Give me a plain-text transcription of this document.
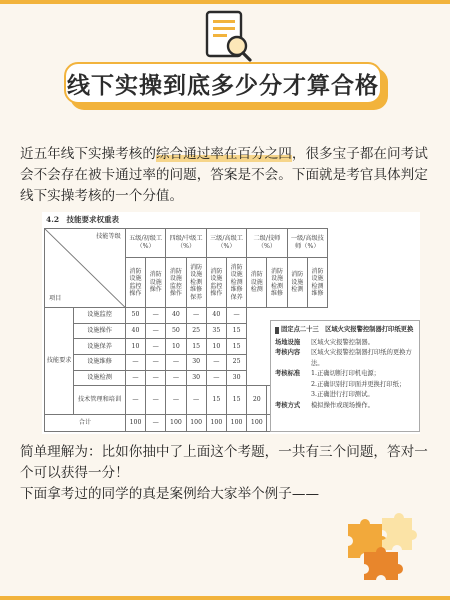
线下实操到底多少分才算合格
近五年线下实操考核的综合通过率在百分之四，很多宝子都在问考试会不会存在被卡通过率的问题，答案是不会。下面就是考官具体判定线下实操考核的一个分值。
4.2　技能要求权重表
技能等级
项目		五级/初级工（%）		四级/中级工（%）		三级/高级工（%）		二级/技师（%）		一级/高级技师（%）		
		消防设施监控操作	消防设施操作	消防设施监控操作	消防设施检测维修保养	消防设施监控操作	消防设施检测维修保养	消防设施检测	消防设施检测维修	消防设施检测	消防设施检测维修	
技能要求	设施监控	50	—	40	—	40	—					
	设施操作	40	—	50	25	35	15					
	设施保养	10	—	10	15	10	15					
	设施维修	—	—	—	30	—	25					
	设施检测	—	—	—	30	—	30					
	技术管理和培训	—	—	—	—	15	15	20				
合计		100	—	100	100	100	100	100				
固定点二十三　区域火灾报警控制器打印纸更换
场地设施	区域火灾报警控制器。
考核内容	区域火灾报警控制器打印纸的更换方法。
考核标准	1.正确切断打印机电源；
2.正确识别打印面并更换打印纸；
3.正确进行打印测试。
考核方式	模拟操作或现场操作。
简单理解为：比如你抽中了上面这个考题，一共有三个问题，答对一个可以获得一分！
下面拿考过的同学的真是案例给大家举个例子——
